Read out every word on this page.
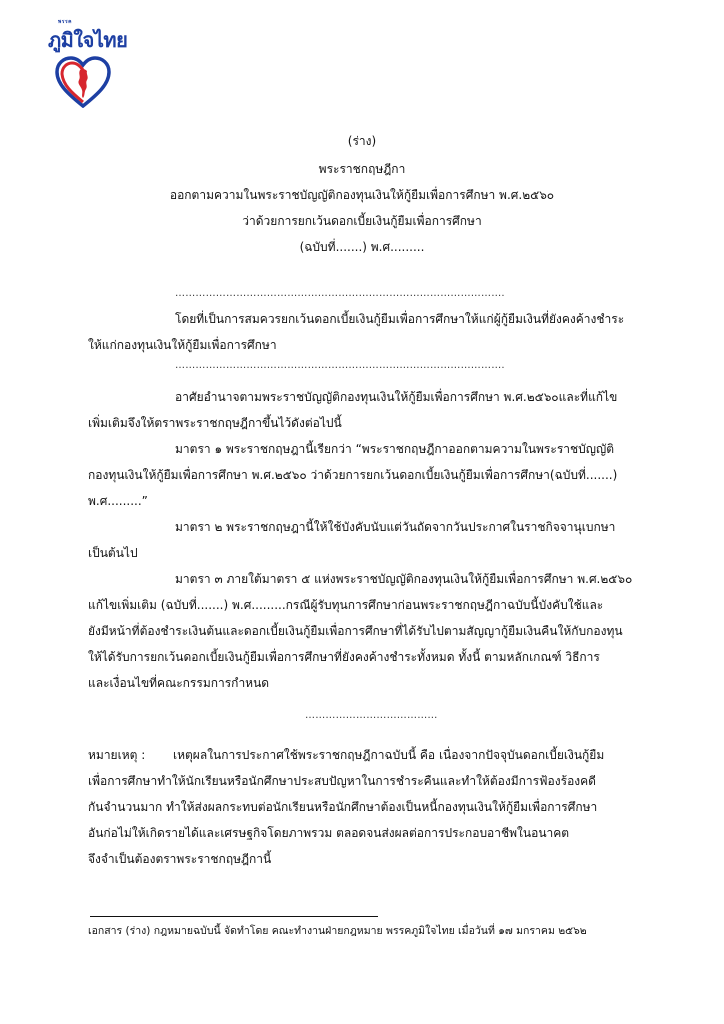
พรรค
ภูมิใจไทย
(ร่าง)
พระราชกฤษฎีกา
ออกตามความในพระราชบัญญัติกองทุนเงินให้กู้ยืมเพื่อการศึกษา พ.ศ.๒๕๖๐
ว่าด้วยการยกเว้นดอกเบี้ยเงินกู้ยืมเพื่อการศึกษา
(ฉบับที่.......) พ.ศ.........
…………………………………………………………………………………….
โดยที่เป็นการสมควรยกเว้นดอกเบี้ยเงินกู้ยืมเพื่อการศึกษาให้แก่ผู้กู้ยืมเงินที่ยังคงค้างชำระ
ให้แก่กองทุนเงินให้กู้ยืมเพื่อการศึกษา
…………………………………………………………………………………….
อาศัยอำนาจตามพระราชบัญญัติกองทุนเงินให้กู้ยืมเพื่อการศึกษา พ.ศ.๒๕๖๐และที่แก้ไข
เพิ่มเติมจึงให้ตราพระราชกฤษฎีกาขึ้นไว้ดังต่อไปนี้
มาตรา ๑ พระราชกฤษฎานี้เรียกว่า “พระราชกฤษฎีกาออกตามความในพระราชบัญญัติ
กองทุนเงินให้กู้ยืมเพื่อการศึกษา พ.ศ.๒๕๖๐ ว่าด้วยการยกเว้นดอกเบี้ยเงินกู้ยืมเพื่อการศึกษา(ฉบับที่.......)
พ.ศ.........”
มาตรา ๒ พระราชกฤษฎานี้ให้ใช้บังคับนับแต่วันถัดจากวันประกาศในราชกิจจานุเบกษา
เป็นต้นไป
มาตรา ๓ ภายใต้มาตรา ๕ แห่งพระราชบัญญัติกองทุนเงินให้กู้ยืมเพื่อการศึกษา พ.ศ.๒๕๖๐
แก้ไขเพิ่มเติม (ฉบับที่.......) พ.ศ.........กรณีผู้รับทุนการศึกษาก่อนพระราชกฤษฎีกาฉบับนี้บังคับใช้และ
ยังมีหน้าที่ต้องชำระเงินต้นและดอกเบี้ยเงินกู้ยืมเพื่อการศึกษาที่ได้รับไปตามสัญญากู้ยืมเงินคืนให้กับกองทุน
ให้ได้รับการยกเว้นดอกเบี้ยเงินกู้ยืมเพื่อการศึกษาที่ยังคงค้างชำระทั้งหมด ทั้งนี้ ตามหลักเกณฑ์ วิธีการ
และเงื่อนไขที่คณะกรรมการกำหนด
…………………………………
หมายเหตุ : เหตุผลในการประกาศใช้พระราชกฤษฎีกาฉบับนี้ คือ เนื่องจากปัจจุบันดอกเบี้ยเงินกู้ยืม
เพื่อการศึกษาทำให้นักเรียนหรือนักศึกษาประสบปัญหาในการชำระคืนและทำให้ต้องมีการฟ้องร้องคดี
กันจำนวนมาก ทำให้ส่งผลกระทบต่อนักเรียนหรือนักศึกษาต้องเป็นหนี้กองทุนเงินให้กู้ยืมเพื่อการศึกษา
อันก่อไม่ให้เกิดรายได้และเศรษฐกิจโดยภาพรวม ตลอดจนส่งผลต่อการประกอบอาชีพในอนาคต
จึงจำเป็นต้องตราพระราชกฤษฎีกานี้
เอกสาร (ร่าง) กฎหมายฉบับนี้ จัดทำโดย คณะทำงานฝ่ายกฎหมาย พรรคภูมิใจไทย เมื่อวันที่ ๑๗ มกราคม ๒๕๖๒
